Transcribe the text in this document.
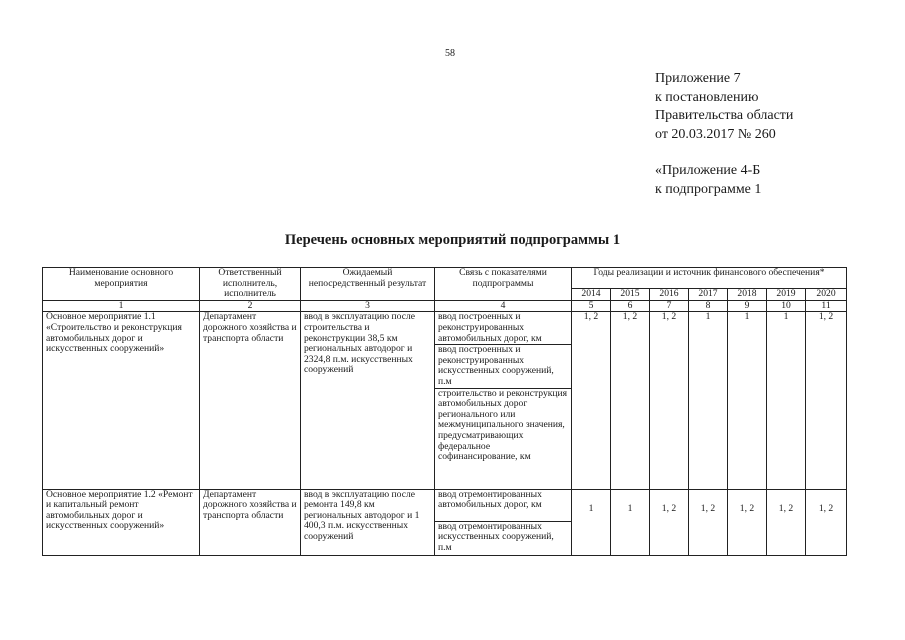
58
Приложение 7
к постановлению
Правительства области
от 20.03.2017 № 260
«Приложение 4-Б
к подпрограмме 1
Перечень основных мероприятий подпрограммы 1
Наименование основного мероприятия	Ответственный исполнитель, исполнитель	Ожидаемый непосредственный результат	Связь с показателями подпрограммы	Годы реализации и источник финансового обеспечения*						
				2014	2015	2016	2017	2018	2019	2020
1	2	3	4	5	6	7	8	9	10	11
Основное мероприятие 1.1 «Строительство и реконструкция автомобильных дорог и искусственных сооружений»	Департамент дорожного хозяйства и транспорта области	ввод в эксплуатацию после строительства и реконструкции 38,5 км региональных автодорог и 2324,8 п.м. искусственных сооружений	ввод построенных и реконструированных автомобильных дорог, км	1, 2	1, 2	1, 2	1	1	1	1, 2
			ввод построенных и реконструированных искусственных сооружений, п.м							
			строительство и реконструкция автомобильных дорог регионального или межмуниципального значения, предусматривающих федеральное софинансирование, км							
Основное мероприятие 1.2 «Ремонт и капитальный ремонт автомобильных дорог и искусственных сооружений»	Департамент дорожного хозяйства и транспорта области	ввод в эксплуатацию после ремонта 149,8 км региональных автодорог и 1 400,3 п.м. искусственных сооружений	ввод отремонтированных автомобильных дорог, км	1	1	1, 2	1, 2	1, 2	1, 2	1, 2
			ввод отремонтированных искусственных сооружений, п.м							
